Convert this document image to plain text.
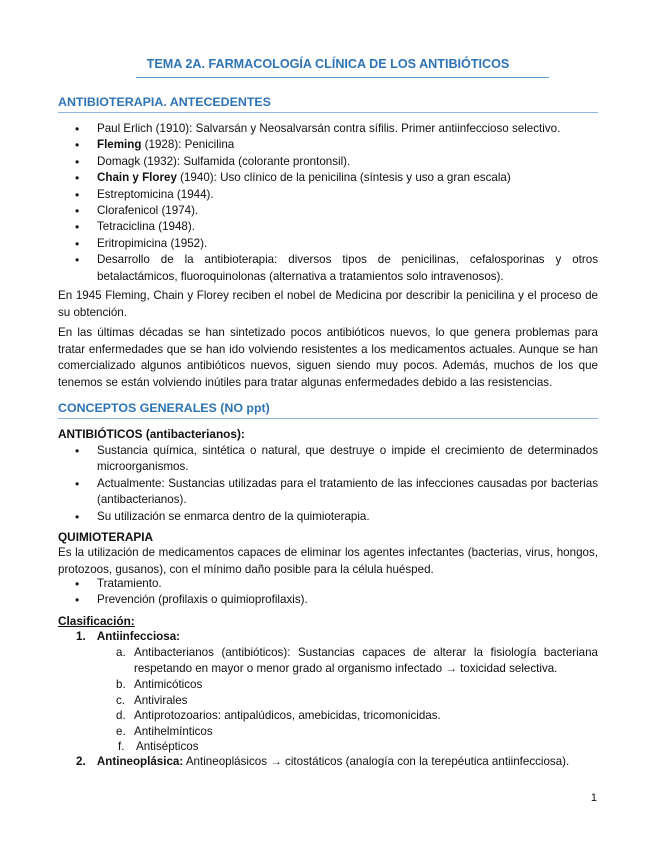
TEMA 2A. FARMACOLOGÍA CLÍNICA DE LOS ANTIBIÓTICOS
ANTIBIOTERAPIA. ANTECEDENTES
• Paul Erlich (1910): Salvarsán y Neosalvarsán contra sífilis. Primer antiinfeccioso selectivo.
• Fleming (1928): Penicilina
• Domagk (1932): Sulfamida (colorante prontonsil).
• Chain y Florey (1940): Uso clínico de la penicilina (síntesis y uso a gran escala)
• Estreptomicina (1944).
• Clorafenicol (1974).
• Tetraciclina (1948).
• Eritropimicina (1952).
• Desarrollo de la antibioterapia: diversos tipos de penicilinas, cefalosporinas y otros betalactámicos, fluoroquinolonas (alternativa a tratamientos solo intravenosos).
En 1945 Fleming, Chain y Florey reciben el nobel de Medicina por describir la penicilina y el proceso de su obtención.
En las últimas décadas se han sintetizado pocos antibióticos nuevos, lo que genera problemas para tratar enfermedades que se han ido volviendo resistentes a los medicamentos actuales. Aunque se han comercializado algunos antibióticos nuevos, siguen siendo muy pocos. Además, muchos de los que tenemos se están volviendo inútiles para tratar algunas enfermedades debido a las resistencias.
CONCEPTOS GENERALES (NO ppt)
ANTIBIÓTICOS (antibacterianos):
• Sustancia química, sintética o natural, que destruye o impide el crecimiento de determinados microorganismos.
• Actualmente: Sustancias utilizadas para el tratamiento de las infecciones causadas por bacterias (antibacterianos).
• Su utilización se enmarca dentro de la quimioterapia.
QUIMIOTERAPIA
Es la utilización de medicamentos capaces de eliminar los agentes infectantes (bacterias, virus, hongos, protozoos, gusanos), con el mínimo daño posible para la célula huésped.
• Tratamiento.
• Prevención (profilaxis o quimioprofilaxis).
Clasificación:
1. Antiinfecciosa:
a. Antibacterianos (antibióticos): Sustancias capaces de alterar la fisiología bacteriana respetando en mayor o menor grado al organismo infectado → toxicidad selectiva.
b. Antimicóticos
c. Antivirales
d. Antiprotozoarios: antipalúdicos, amebicidas, tricomonicidas.
e. Antihelmínticos
f. Antisépticos
2. Antineoplásica: Antineoplásicos → citostáticos (analogía con la terepéutica antiinfecciosa).
1
